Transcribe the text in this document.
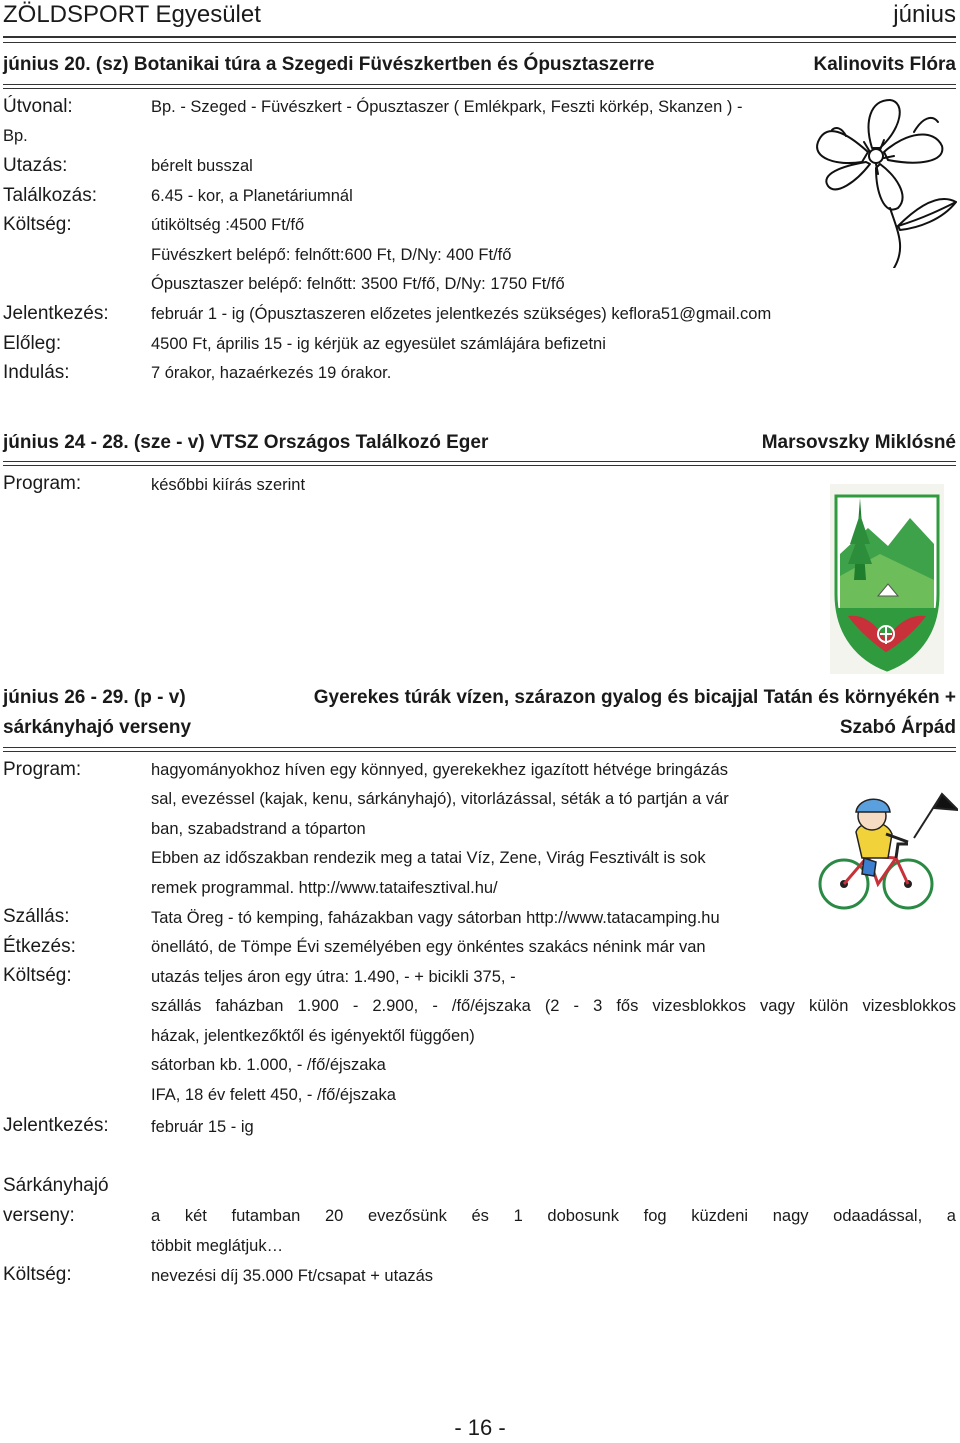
ZÖLDSPORT Egyesület	június
június 20. (sz) Botanikai túra a Szegedi Füvészkertben és Ópusztaszerre	Kalinovits Flóra
Útvonal:	Bp. - Szeged - Füvészkert - Ópusztaszer ( Emlékpark, Feszti körkép, Skanzen ) -
Bp.
Utazás:	bérelt busszal
Találkozás:	6.45 - kor, a Planetáriumnál
Költség:	útiköltség :4500 Ft/fő
Füvészkert belépő: felnőtt:600 Ft, D/Ny: 400 Ft/fő
Ópusztaszer belépő: felnőtt: 3500 Ft/fő, D/Ny: 1750 Ft/fő
Jelentkezés:	február 1 - ig (Ópusztaszeren előzetes jelentkezés szükséges) keflora51@gmail.com
Előleg:	4500 Ft, április 15 - ig kérjük az egyesület számlájára befizetni
Indulás:	7 órakor, hazaérkezés 19 órakor.
június 24 - 28. (sze - v) VTSZ Országos Találkozó Eger	Marsovszky Miklósné
Program:	későbbi kiírás szerint
június 26 - 29. (p - v)	Gyerekes túrák vízen, szárazon gyalog és bicajjal Tatán és környékén +
sárkányhajó verseny	Szabó Árpád
Program:	hagyományokhoz híven egy könnyed, gyerekekhez igazított hétvége bringázás
sal, evezéssel (kajak, kenu, sárkányhajó), vitorlázással, séták a tó partján a vár
ban, szabadstrand a tóparton
Ebben az időszakban rendezik meg a tatai Víz, Zene, Virág Fesztivált is sok
remek programmal. http://www.tataifesztival.hu/
Szállás:	Tata Öreg - tó kemping, faházakban vagy sátorban http://www.tatacamping.hu
Étkezés:	önellátó, de Tömpe Évi személyében egy önkéntes szakács nénink már van
Költség:	utazás teljes áron egy útra: 1.490, - + bicikli 375, -
szállás faházban 1.900 - 2.900, - /fő/éjszaka (2 - 3 fős vizesblokkos vagy külön vizesblokkos
házak, jelentkezőktől és igényektől függően)
sátorban kb. 1.000, - /fő/éjszaka
IFA, 18 év felett 450, - /fő/éjszaka
Jelentkezés:	február 15 - ig
Sárkányhajó
verseny:	a két futamban 20 evezősünk és 1 dobosunk fog küzdeni nagy odaadással, a
többit meglátjuk…
Költség:	nevezési díj 35.000 Ft/csapat + utazás
- 16 -
